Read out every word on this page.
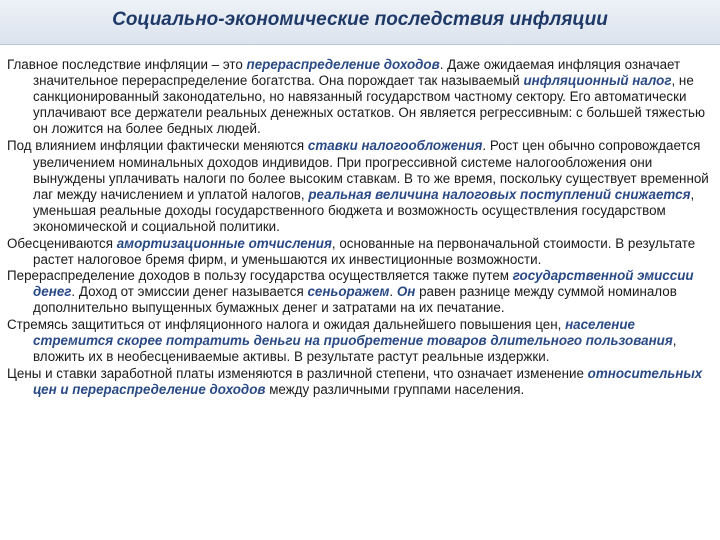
Социально-экономические последствия инфляции

Главное последствие инфляции – это перераспределение доходов. Даже ожидаемая инфляция означает значительное перераспределение богатства. Она порождает так называемый инфляционный налог, не санкционированный законодательно, но навязанный государством частному сектору. Его автоматически уплачивают все держатели реальных денежных остатков. Он является регрессивным: с большей тяжестью он ложится на более бедных людей.

Под влиянием инфляции фактически меняются ставки налогообложения. Рост цен обычно сопровождается увеличением номинальных доходов индивидов. При прогрессивной системе налогообложения они вынуждены уплачивать налоги по более высоким ставкам. В то же время, поскольку существует временной лаг между начислением и уплатой налогов, реальная величина налоговых поступлений снижается, уменьшая реальные доходы государственного бюджета и возможность осуществления государством экономической и социальной политики.

Обесцениваются амортизационные отчисления, основанные на первоначальной стоимости. В результате растет налоговое бремя фирм, и уменьшаются их инвестиционные возможности.

Перераспределение доходов в пользу государства осуществляется также путем государственной эмиссии денег. Доход от эмиссии денег называется сеньоражем. Он равен разнице между суммой номиналов дополнительно выпущенных бумажных денег и затратами на их печатание.

Стремясь защититься от инфляционного налога и ожидая дальнейшего повышения цен, население стремится скорее потратить деньги на приобретение товаров длительного пользования, вложить их в необесцениваемые активы. В результате растут реальные издержки.

Цены и ставки заработной платы изменяются в различной степени, что означает изменение относительных цен и перераспределение доходов между различными группами населения.
